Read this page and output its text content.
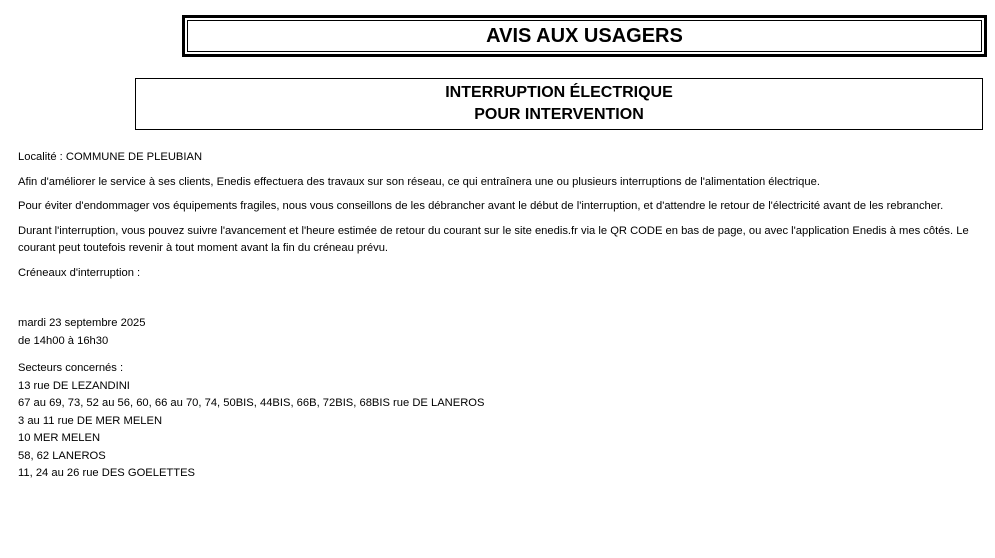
AVIS AUX USAGERS
INTERRUPTION ÉLECTRIQUE
POUR INTERVENTION

Localité : COMMUNE DE PLEUBIAN

Afin d'améliorer le service à ses clients, Enedis effectuera des travaux sur son réseau, ce qui entraînera une ou plusieurs interruptions de l'alimentation électrique.

Pour éviter d'endommager vos équipements fragiles, nous vous conseillons de les débrancher avant le début de l'interruption, et d'attendre le retour de l'électricité avant de les rebrancher.

Durant l'interruption, vous pouvez suivre l'avancement et l'heure estimée de retour du courant sur le site enedis.fr via le QR CODE en bas de page, ou avec l'application Enedis à mes côtés. Le courant peut toutefois revenir à tout moment avant la fin du créneau prévu.

Créneaux d'interruption :

mardi 23 septembre 2025
de 14h00 à 16h30
Secteurs concernés :
13 rue DE LEZANDINI
67 au 69, 73, 52 au 56, 60, 66 au 70, 74, 50BIS, 44BIS, 66B, 72BIS, 68BIS rue DE LANEROS
3 au 11 rue DE MER MELEN
10 MER MELEN
58, 62 LANEROS
11, 24 au 26 rue DES GOELETTES
